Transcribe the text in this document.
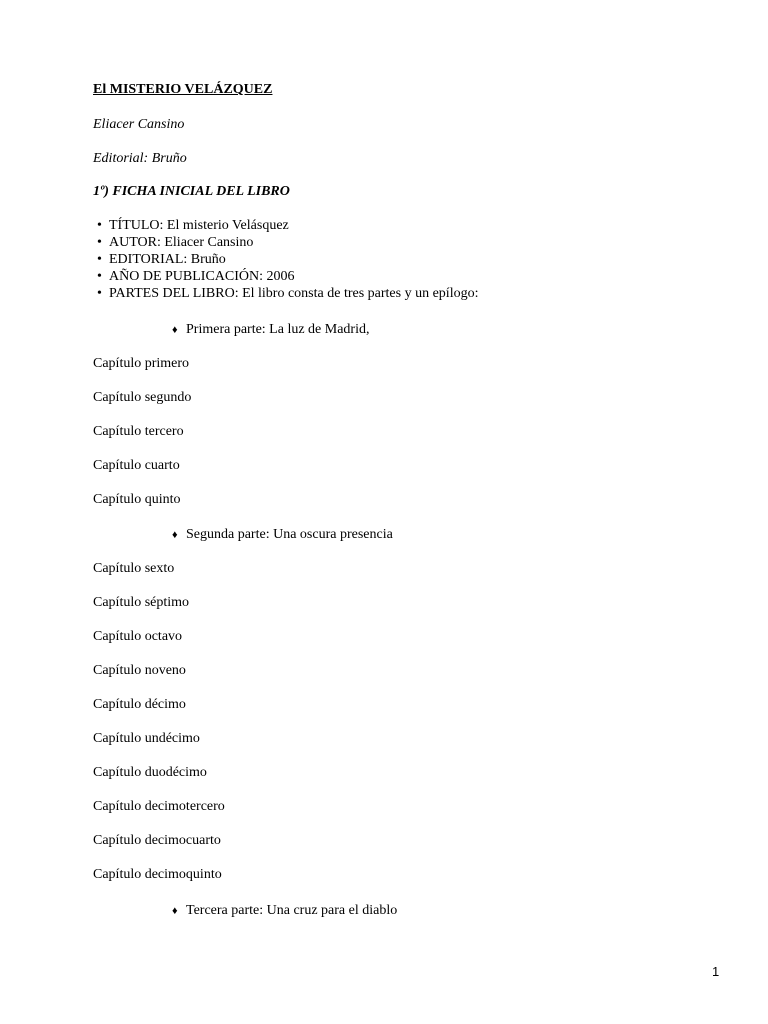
El MISTERIO VELÁZQUEZ
Eliacer Cansino
Editorial: Bruño
1º) FICHA INICIAL DEL LIBRO
• TÍTULO: El misterio Velásquez
• AUTOR: Eliacer Cansino
• EDITORIAL: Bruño
• AÑO DE PUBLICACIÓN: 2006
• PARTES DEL LIBRO: El libro consta de tres partes y un epílogo:
♦ Primera parte: La luz de Madrid,
Capítulo primero
Capítulo segundo
Capítulo tercero
Capítulo cuarto
Capítulo quinto
♦ Segunda parte: Una oscura presencia
Capítulo sexto
Capítulo séptimo
Capítulo octavo
Capítulo noveno
Capítulo décimo
Capítulo undécimo
Capítulo duodécimo
Capítulo decimotercero
Capítulo decimocuarto
Capítulo decimoquinto
♦ Tercera parte: Una cruz para el diablo
1
